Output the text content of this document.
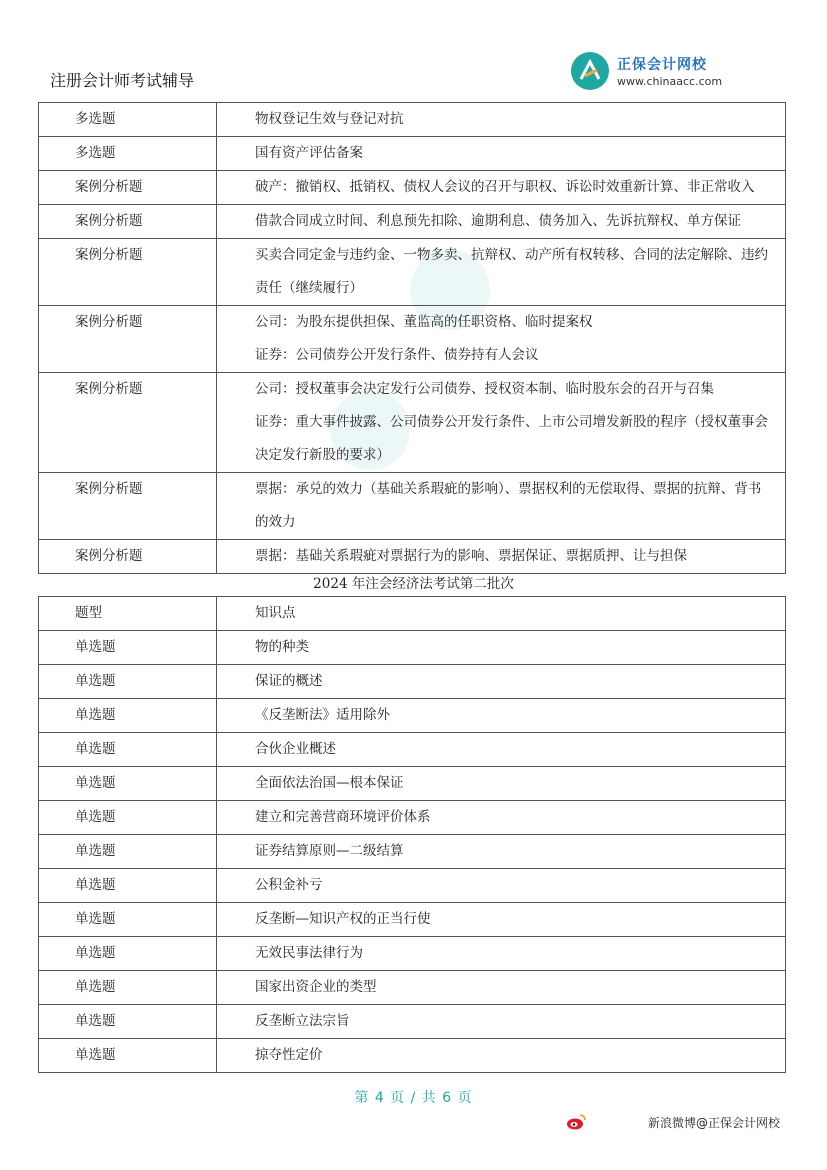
注册会计师考试辅导
正保会计网校
www.chinaacc.com
多选题	物权登记生效与登记对抗

多选题	国有资产评估备案

案例分析题	破产：撤销权、抵销权、债权人会议的召开与职权、诉讼时效重新计算、非正常收入

案例分析题	借款合同成立时间、利息预先扣除、逾期利息、债务加入、先诉抗辩权、单方保证

案例分析题	买卖合同定金与违约金、一物多卖、抗辩权、动产所有权转移、合同的法定解除、违约
责任（继续履行）

案例分析题	公司：为股东提供担保、董监高的任职资格、临时提案权
证券：公司债券公开发行条件、债券持有人会议

案例分析题	公司：授权董事会决定发行公司债券、授权资本制、临时股东会的召开与召集
证券：重大事件披露、公司债券公开发行条件、上市公司增发新股的程序（授权董事会
决定发行新股的要求）

案例分析题	票据：承兑的效力（基础关系瑕疵的影响）、票据权利的无偿取得、票据的抗辩、背书
的效力

案例分析题	票据：基础关系瑕疵对票据行为的影响、票据保证、票据质押、让与担保
2024 年注会经济法考试第二批次
题型	知识点
单选题	物的种类

单选题	保证的概述

单选题	《反垄断法》适用除外

单选题	合伙企业概述

单选题	全面依法治国—根本保证

单选题	建立和完善营商环境评价体系

单选题	证券结算原则—二级结算

单选题	公积金补亏

单选题	反垄断—知识产权的正当行使

单选题	无效民事法律行为

单选题	国家出资企业的类型

单选题	反垄断立法宗旨

单选题	掠夺性定价
第 4 页 / 共 6 页
新浪微博@正保会计网校
